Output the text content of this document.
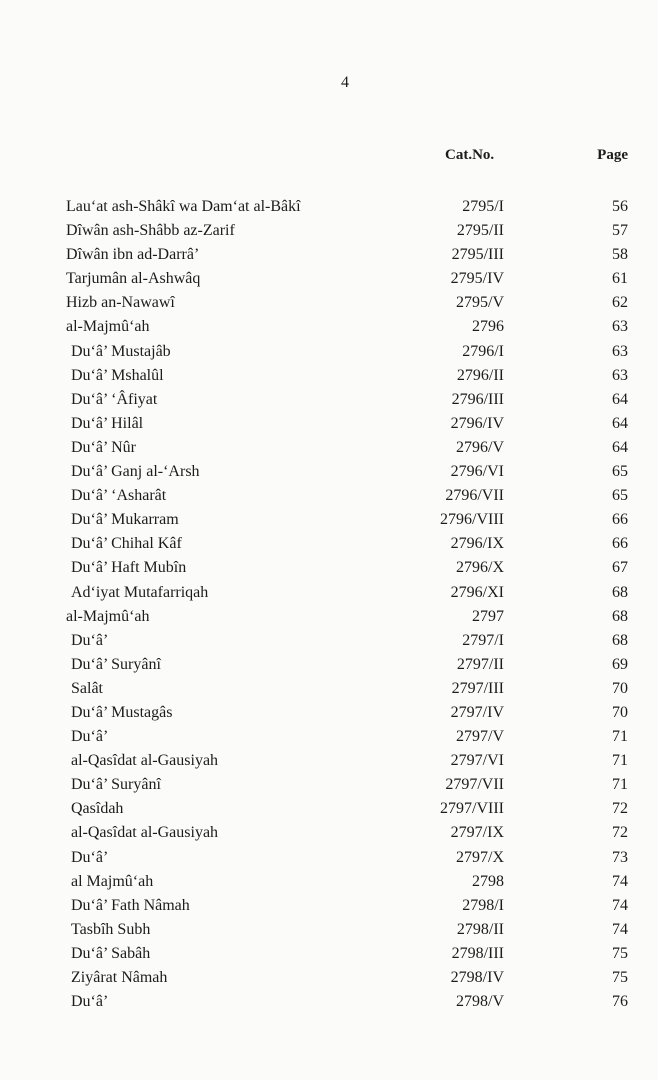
4
Cat.No.	Page
Lau‘at ash-Shâkî wa Dam‘at al-Bâkî	2795/I	56
Dîwân ash-Shâbb az-Zarif	2795/II	57
Dîwân ibn ad-Darrâ’	2795/III	58
Tarjumân al-Ashwâq	2795/IV	61
Hizb an-Nawawî	2795/V	62
al-Majmû‘ah	2796	63
Du‘â’ Mustajâb	2796/I	63
Du‘â’ Mshalûl	2796/II	63
Du‘â’ ‘Âfiyat	2796/III	64
Du‘â’ Hilâl	2796/IV	64
Du‘â’ Nûr	2796/V	64
Du‘â’ Ganj al-‘Arsh	2796/VI	65
Du‘â’ ‘Asharât	2796/VII	65
Du‘â’ Mukarram	2796/VIII	66
Du‘â’ Chihal Kâf	2796/IX	66
Du‘â’ Haft Mubîn	2796/X	67
Ad‘iyat Mutafarriqah	2796/XI	68
al-Majmû‘ah	2797	68
Du‘â’	2797/I	68
Du‘â’ Suryânî	2797/II	69
Salât	2797/III	70
Du‘â’ Mustagâs	2797/IV	70
Du‘â’	2797/V	71
al-Qasîdat al-Gausiyah	2797/VI	71
Du‘â’ Suryânî	2797/VII	71
Qasîdah	2797/VIII	72
al-Qasîdat al-Gausiyah	2797/IX	72
Du‘â’	2797/X	73
al Majmû‘ah	2798	74
Du‘â’ Fath Nâmah	2798/I	74
Tasbîh Subh	2798/II	74
Du‘â’ Sabâh	2798/III	75
Ziyârat Nâmah	2798/IV	75
Du‘â’	2798/V	76
